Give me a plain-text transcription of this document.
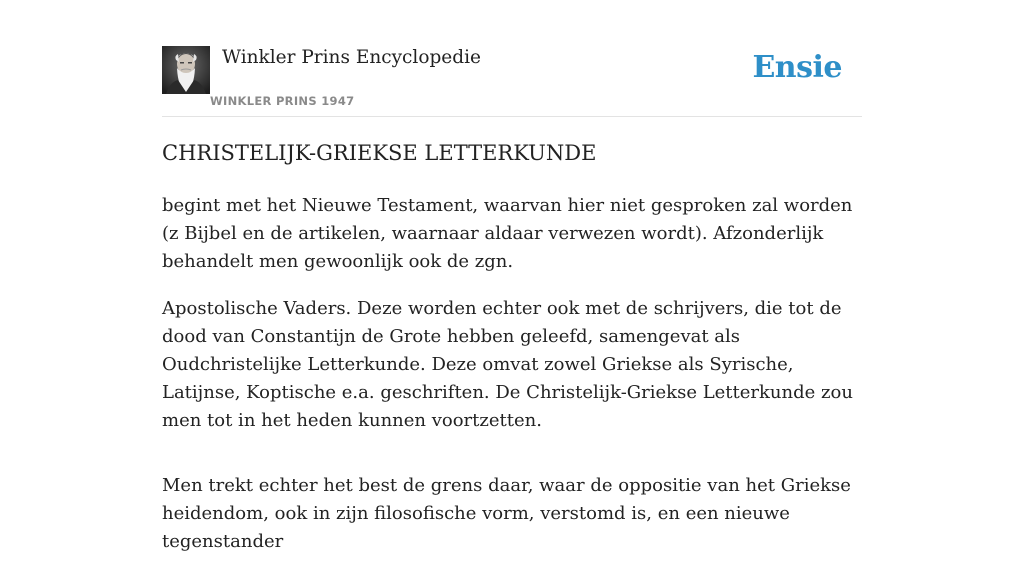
Winkler Prins Encyclopedie
WINKLER PRINS 1947
Ensie
CHRISTELIJK-GRIEKSE LETTERKUNDE

begint met het Nieuwe Testament, waarvan hier niet gesproken zal worden (z Bijbel en de artikelen, waarnaar aldaar verwezen wordt). Afzonderlijk behandelt men gewoonlijk ook de zgn.

Apostolische Vaders. Deze worden echter ook met de schrijvers, die tot de dood van Constantijn de Grote hebben geleefd, samengevat als Oudchristelijke Letterkunde. Deze omvat zowel Griekse als Syrische, Latijnse, Koptische e.a. geschriften. De Christelijk-Griekse Letterkunde zou men tot in het heden kunnen voortzetten.

Men trekt echter het best de grens daar, waar de oppositie van het Griekse heidendom, ook in zijn filosofische vorm, verstomd is, en een nieuwe tegenstander
